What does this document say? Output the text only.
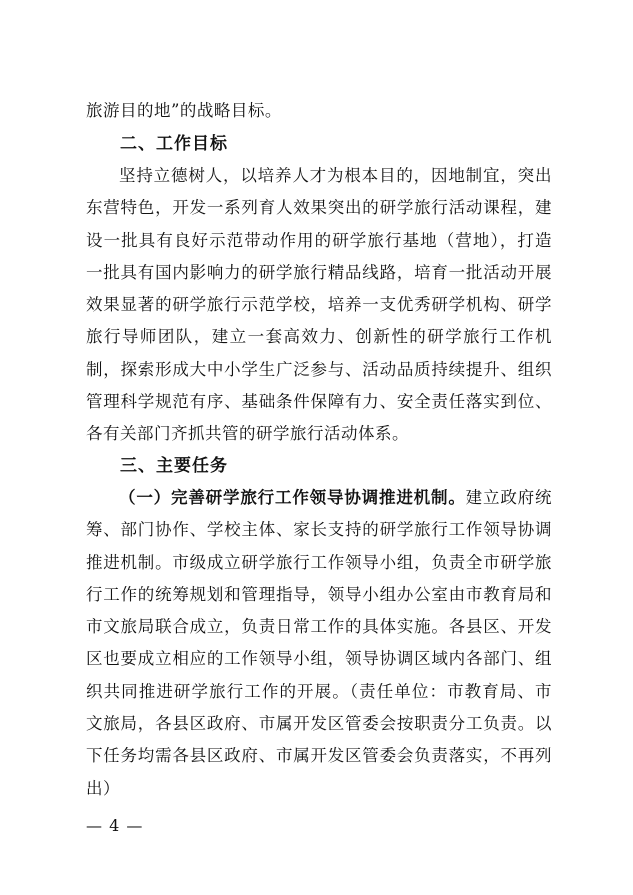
旅游目的地”的战略目标。

二、工作目标

坚持立德树人，以培养人才为根本目的，因地制宜，突出东营特色，开发一系列育人效果突出的研学旅行活动课程，建设一批具有良好示范带动作用的研学旅行基地（营地），打造一批具有国内影响力的研学旅行精品线路，培育一批活动开展效果显著的研学旅行示范学校，培养一支优秀研学机构、研学旅行导师团队，建立一套高效力、创新性的研学旅行工作机制，探索形成大中小学生广泛参与、活动品质持续提升、组织管理科学规范有序、基础条件保障有力、安全责任落实到位、各有关部门齐抓共管的研学旅行活动体系。

三、主要任务

（一）完善研学旅行工作领导协调推进机制。建立政府统筹、部门协作、学校主体、家长支持的研学旅行工作领导协调推进机制。市级成立研学旅行工作领导小组，负责全市研学旅行工作的统筹规划和管理指导，领导小组办公室由市教育局和市文旅局联合成立，负责日常工作的具体实施。各县区、开发区也要成立相应的工作领导小组，领导协调区域内各部门、组织共同推进研学旅行工作的开展。（责任单位：市教育局、市文旅局，各县区政府、市属开发区管委会按职责分工负责。以下任务均需各县区政府、市属开发区管委会负责落实，不再列出）

— 4 —
